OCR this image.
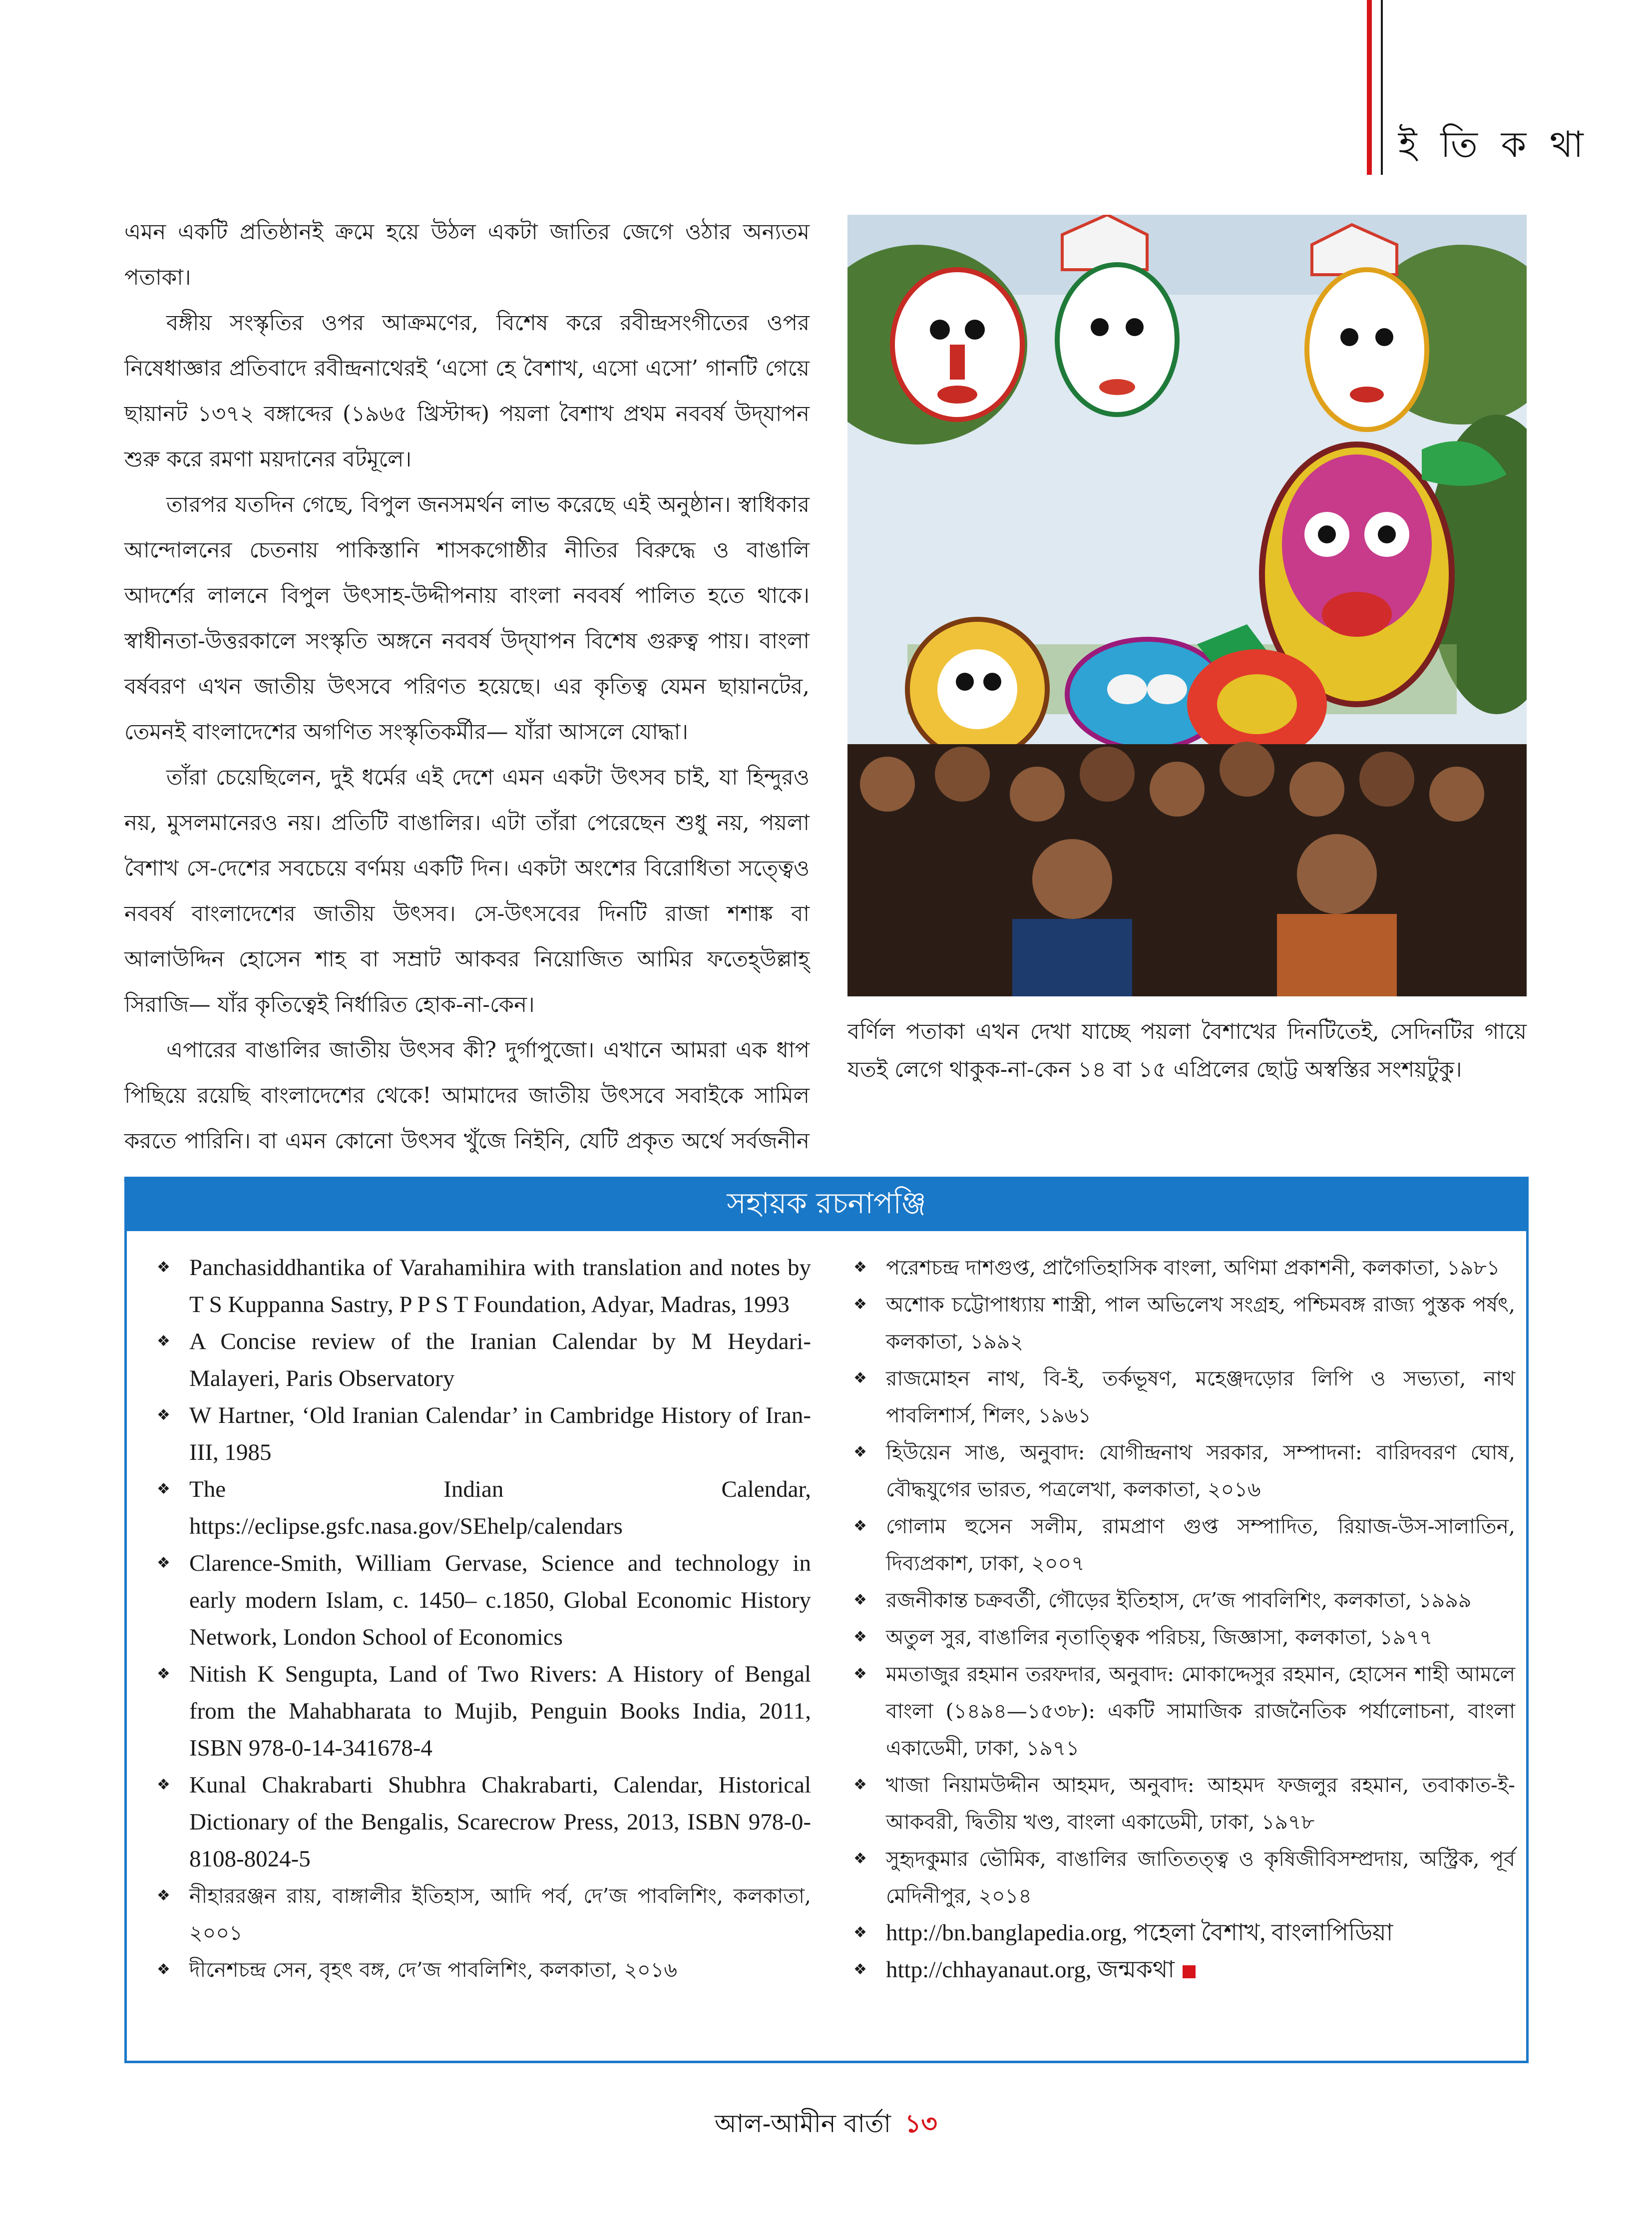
ই তি ক থা

এমন একটি প্রতিষ্ঠানই ক্রমে হয়ে উঠল একটা জাতির জেগে ওঠার অন্যতম পতাকা।

বঙ্গীয় সংস্কৃতির ওপর আক্রমণের, বিশেষ করে রবীন্দ্রসংগীতের ওপর নিষেধাজ্ঞার প্রতিবাদে রবীন্দ্রনাথেরই ‘এসো হে বৈশাখ, এসো এসো’ গানটি গেয়ে ছায়ানট ১৩৭২ বঙ্গাব্দের (১৯৬৫ খ্রিস্টাব্দ) পয়লা বৈশাখ প্রথম নববর্ষ উদ্‌যাপন শুরু করে রমণা ময়দানের বটমূলে।

তারপর যতদিন গেছে, বিপুল জনসমর্থন লাভ করেছে এই অনুষ্ঠান। স্বাধিকার আন্দোলনের চেতনায় পাকিস্তানি শাসকগোষ্ঠীর নীতির বিরুদ্ধে ও বাঙালি আদর্শের লালনে বিপুল উৎসাহ-উদ্দীপনায় বাংলা নববর্ষ পালিত হতে থাকে। স্বাধীনতা-উত্তরকালে সংস্কৃতি অঙ্গনে নববর্ষ উদ্‌যাপন বিশেষ গুরুত্ব পায়। বাংলা বর্ষবরণ এখন জাতীয় উৎসবে পরিণত হয়েছে। এর কৃতিত্ব যেমন ছায়ানটের, তেমনই বাংলাদেশের অগণিত সংস্কৃতিকর্মীর— যাঁরা আসলে যোদ্ধা।

তাঁরা চেয়েছিলেন, দুই ধর্মের এই দেশে এমন একটা উৎসব চাই, যা হিন্দুরও নয়, মুসলমানেরও নয়। প্রতিটি বাঙালির। এটা তাঁরা পেরেছেন শুধু নয়, পয়লা বৈশাখ সে-দেশের সবচেয়ে বর্ণময় একটি দিন। একটা অংশের বিরোধিতা সত্ত্বেও নববর্ষ বাংলাদেশের জাতীয় উৎসব। সে-উৎসবের দিনটি রাজা শশাঙ্ক বা আলাউদ্দিন হোসেন শাহ বা সম্রাট আকবর নিয়োজিত আমির ফতেহ্‌উল্লাহ্‌ সিরাজি— যাঁর কৃতিত্বেই নির্ধারিত হোক-না-কেন।

এপারের বাঙালির জাতীয় উৎসব কী? দুর্গাপুজো। এখানে আমরা এক ধাপ পিছিয়ে রয়েছি বাংলাদেশের থেকে! আমাদের জাতীয় উৎসবে সবাইকে সামিল করতে পারিনি। বা এমন কোনো উৎসব খুঁজে নিইনি, যেটি প্রকৃত অর্থে সর্বজনীন

বর্ণিল পতাকা এখন দেখা যাচ্ছে পয়লা বৈশাখের দিনটিতেই, সেদিনটির গায়ে যতই লেগে থাকুক-না-কেন ১৪ বা ১৫ এপ্রিলের ছোট্ট অস্বস্তির সংশয়টুকু।

সহায়ক রচনাপঞ্জি
❖ Panchasiddhantika of Varahamihira with translation and notes by T S Kuppanna Sastry, P P S T Foundation, Adyar, Madras, 1993
❖ A Concise review of the Iranian Calendar by M Heydari-Malayeri, Paris Observatory
❖ W Hartner, ‘Old Iranian Calendar’ in Cambridge History of Iran-III, 1985
❖ The Indian Calendar, https://eclipse.gsfc.nasa.gov/SEhelp/calendars
❖ Clarence-Smith, William Gervase, Science and technology in early modern Islam, c. 1450– c.1850, Global Economic History Network, London School of Economics
❖ Nitish K Sengupta, Land of Two Rivers: A History of Bengal from the Mahabharata to Mujib, Penguin Books India, 2011, ISBN 978-0-14-341678-4
❖ Kunal Chakrabarti Shubhra Chakrabarti, Calendar, Historical Dictionary of the Bengalis, Scarecrow Press, 2013, ISBN 978-0-8108-8024-5
❖ নীহাররঞ্জন রায়, বাঙ্গালীর ইতিহাস, আদি পর্ব, দে’জ পাবলিশিং, কলকাতা, ২০০১
❖ দীনেশচন্দ্র সেন, বৃহৎ বঙ্গ, দে’জ পাবলিশিং, কলকাতা, ২০১৬
❖ পরেশচন্দ্র দাশগুপ্ত, প্রাগৈতিহাসিক বাংলা, অণিমা প্রকাশনী, কলকাতা, ১৯৮১
❖ অশোক চট্টোপাধ্যায় শাস্ত্রী, পাল অভিলেখ সংগ্রহ, পশ্চিমবঙ্গ রাজ্য পুস্তক পর্ষৎ, কলকাতা, ১৯৯২
❖ রাজমোহন নাথ, বি-ই, তর্কভূষণ, মহেঞ্জদড়োর লিপি ও সভ্যতা, নাথ পাবলিশার্স, শিলং, ১৯৬১
❖ হিউয়েন সাঙ, অনুবাদ: যোগীন্দ্রনাথ সরকার, সম্পাদনা: বারিদবরণ ঘোষ, বৌদ্ধযুগের ভারত, পত্রলেখা, কলকাতা, ২০১৬
❖ গোলাম হুসেন সলীম, রামপ্রাণ গুপ্ত সম্পাদিত, রিয়াজ-উস-সালাতিন, দিব্যপ্রকাশ, ঢাকা, ২০০৭
❖ রজনীকান্ত চক্রবর্তী, গৌড়ের ইতিহাস, দে’জ পাবলিশিং, কলকাতা, ১৯৯৯
❖ অতুল সুর, বাঙালির নৃতাত্ত্বিক পরিচয়, জিজ্ঞাসা, কলকাতা, ১৯৭৭
❖ মমতাজুর রহমান তরফদার, অনুবাদ: মোকাদ্দেসুর রহমান, হোসেন শাহী আমলে বাংলা (১৪৯৪—১৫৩৮): একটি সামাজিক রাজনৈতিক পর্যালোচনা, বাংলা একাডেমী, ঢাকা, ১৯৭১
❖ খাজা নিয়ামউদ্দীন আহমদ, অনুবাদ: আহমদ ফজলুর রহমান, তবাকাত-ই-আকবরী, দ্বিতীয় খণ্ড, বাংলা একাডেমী, ঢাকা, ১৯৭৮
❖ সুহৃদকুমার ভৌমিক, বাঙালির জাতিতত্ত্ব ও কৃষিজীবিসম্প্রদায়, অস্ট্রিক, পূর্ব মেদিনীপুর, ২০১৪
❖ http://bn.banglapedia.org, পহেলা বৈশাখ, বাংলাপিডিয়া
❖ http://chhayanaut.org, জন্মকথা
আল-আমীন বার্তা ১৩
